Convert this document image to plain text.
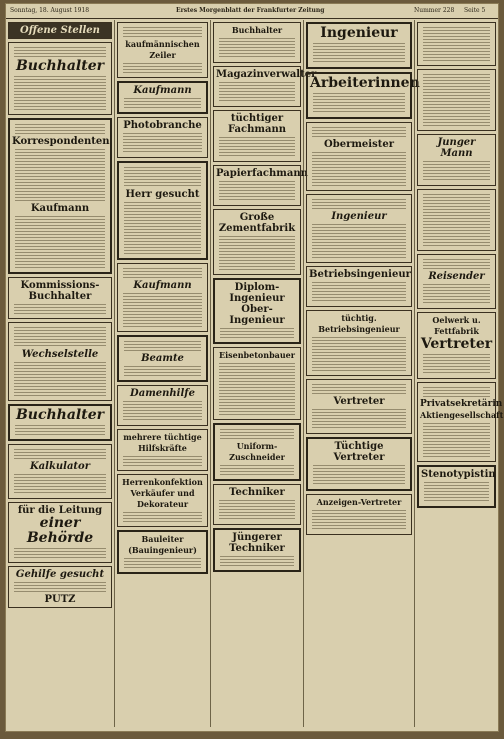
Sonntag, 18. August 1918	Erstes Morgenblatt der Frankfurter Zeitung	Nummer 228 Seite 5
Offene Stellen
Buchhalter
Korrespondenten
Kaufmann
Kommissions-Buchhalter
Wechselstelle
Buchhalter
Kalkulator
für die Leitung
einer Behörde
Gehilfe gesucht
PUTZ
kaufmännischen Zeiler
Kaufmann
Photobranche
Herr gesucht
Kaufmann
Beamte
Damenhilfe
mehrere tüchtige Hilfskräfte
Herrenkonfektion
Verkäufer und Dekorateur
Bauleiter (Bauingenieur)
Buchhalter
Magazinverwalter
tüchtiger Fachmann
Papierfachmann
Große Zementfabrik
Diplom-Ingenieur
Ober-Ingenieur
Eisenbetonbauer
Uniform-Zuschneider
Techniker
Jüngerer Techniker
Ingenieur
Arbeiterinnen
Obermeister
Ingenieur
Betriebsingenieur
tüchtig. Betriebsingenieur
Vertreter
Tüchtige Vertreter
Anzeigen-Vertreter
Junger Mann
Reisender
Oelwerk u. Fettfabrik
Vertreter
Privatsekretärin
Aktiengesellschaft
Stenotypistin
